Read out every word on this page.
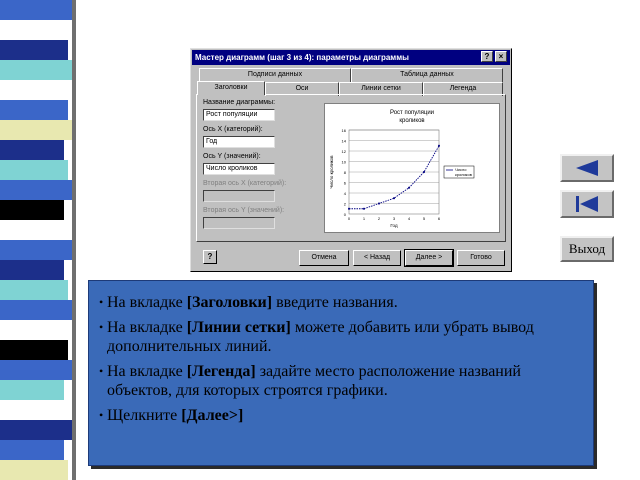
Мастер диаграмм (шаг 3 из 4): параметры диаграммы	?	×
Подписи данных	Таблица данных
Заголовки	Оси	Линии сетки	Легенда
Название диаграммы:
Рост популяции
Ось X (категорий):
Год
Ось Y (значений):
Число кроликов
Вторая ось X (категорий):
Вторая ось Y (значений):
Рост популяции
кроликов
0
2
4
6
8
10
12
14
16
0	1	2	3	4	5	6
Год
Число кроликов	Число
кроликов
?	Отмена	< Назад	Далее >	Готово
Выход
• На вкладке [Заголовки] введите названия.
• На вкладке [Линии сетки] можете добавить или убрать вывод дополнительных линий.
• На вкладке [Легенда] задайте место расположение названий объектов, для которых строятся графики.
• Щелкните [Далее>]
